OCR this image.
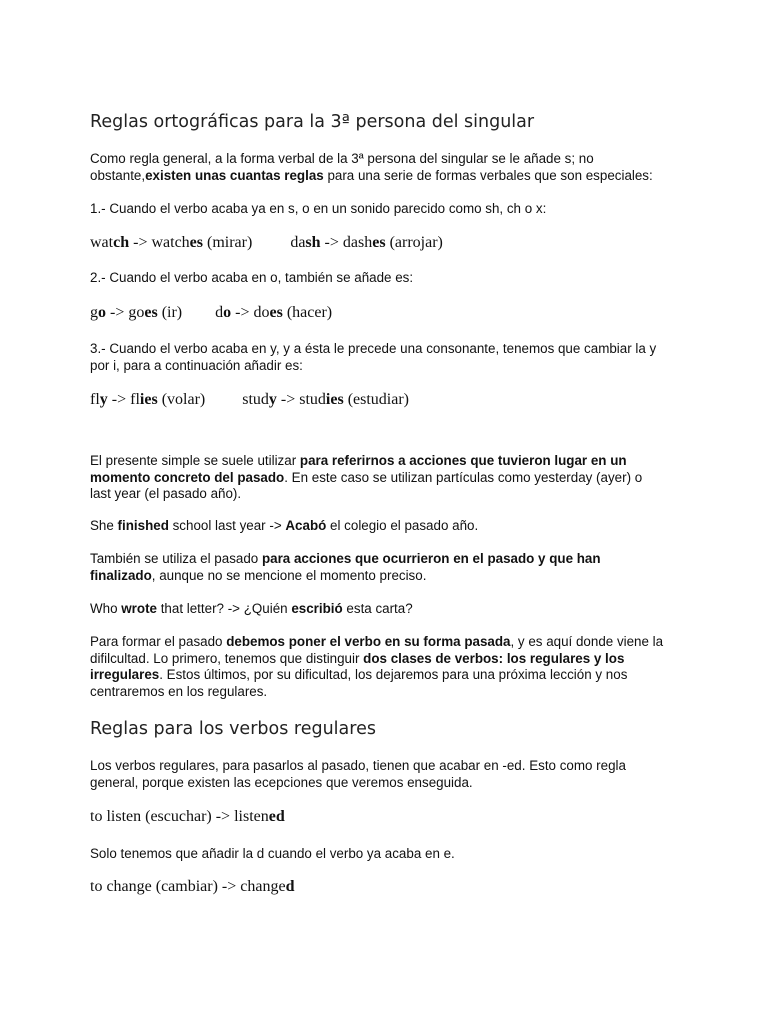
Reglas ortográficas para la 3ª persona del singular
Como regla general, a la forma verbal de la 3ª persona del singular se le añade s; no obstante,existen unas cuantas reglas para una serie de formas verbales que son especiales:
1.- Cuando el verbo acaba ya en s, o en un sonido parecido como sh, ch o x:
watch -> watches (mirar) dash -> dashes (arrojar)
2.- Cuando el verbo acaba en o, también se añade es:
go -> goes (ir) do -> does (hacer)
3.- Cuando el verbo acaba en y, y a ésta le precede una consonante, tenemos que cambiar la y por i, para a continuación añadir es:
fly -> flies (volar) study -> studies (estudiar)
El presente simple se suele utilizar para referirnos a acciones que tuvieron lugar en un momento concreto del pasado. En este caso se utilizan partículas como yesterday (ayer) o last year (el pasado año).
She finished school last year -> Acabó el colegio el pasado año.
También se utiliza el pasado para acciones que ocurrieron en el pasado y que han finalizado, aunque no se mencione el momento preciso.
Who wrote that letter? -> ¿Quién escribió esta carta?
Para formar el pasado debemos poner el verbo en su forma pasada, y es aquí donde viene la difilcultad. Lo primero, tenemos que distinguir dos clases de verbos: los regulares y los irregulares. Estos últimos, por su dificultad, los dejaremos para una próxima lección y nos centraremos en los regulares.
Reglas para los verbos regulares
Los verbos regulares, para pasarlos al pasado, tienen que acabar en -ed. Esto como regla general, porque existen las ecepciones que veremos enseguida.
to listen (escuchar) -> listened
Solo tenemos que añadir la d cuando el verbo ya acaba en e.
to change (cambiar) -> changed
